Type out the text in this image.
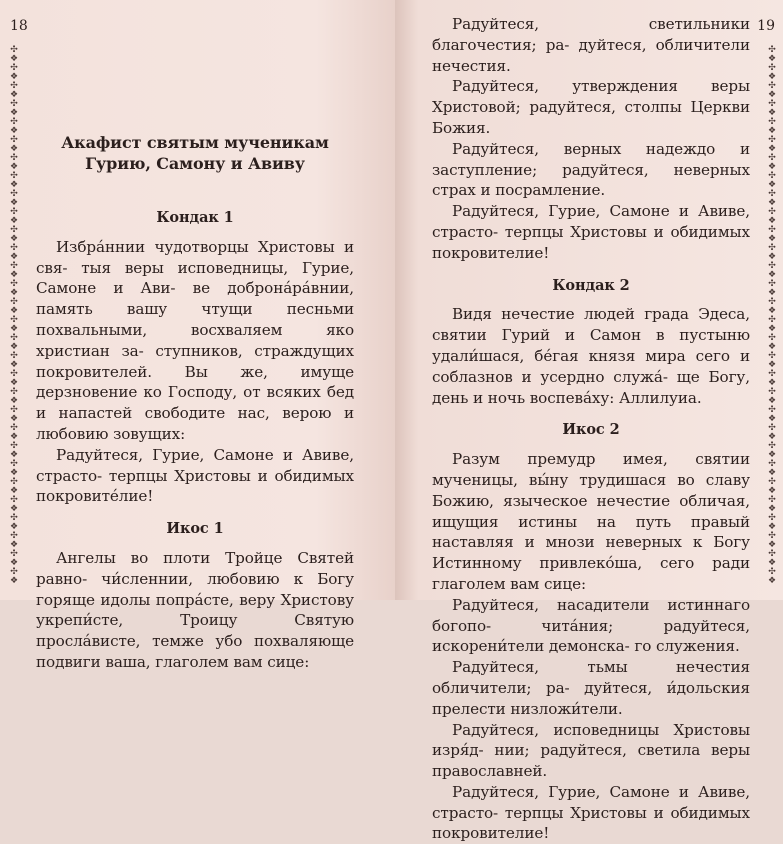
18
✣
❖
✣
❖
✣
❖
✣
❖
✣
❖
✣
❖
✣
❖
✣
❖
✣
❖
✣
❖
✣
❖
✣
❖
✣
❖
✣
❖
✣
❖
✣
❖
✣
❖
✣
❖
✣
❖
✣
❖
✣
❖
✣
❖
✣
❖
✣
❖
✣
❖
✣
❖
✣
❖
✣
❖
✣
❖
✣
❖

Акафист святым мученикам
Гурию, Самону и Авиву

Кондак 1

Избра́ннии чудотворцы Христовы и свя- тыя веры исповедницы, Гурие, Самоне и Ави- ве доброна́ра́внии, память вашу чтущи песньми похвальными, восхваляем яко христиан за- ступников, страждущих покровителей. Вы же, имуще дерзновение ко Господу, от всяких бед и напастей свободите нас, верою и любовию зовущих:

Радуйтеся, Гурие, Самоне и Авиве, страсто- терпцы Христовы и обидимых покровите́лие!

Икос 1

Ангелы во плоти Тройце Святей равно- чи́сленнии, любовию к Богу горяще идолы попра́сте, веру Христову укрепи́сте, Троицу Святую просла́вистe, темже убо похваляюще подвиги ваша, глаголем вам сице:

19
✣
❖
✣
❖
✣
❖
✣
❖
✣
❖
✣
❖
✣
❖
✣
❖
✣
❖
✣
❖
✣
❖
✣
❖
✣
❖
✣
❖
✣
❖
✣
❖
✣
❖
✣
❖
✣
❖
✣
❖
✣
❖
✣
❖
✣
❖
✣
❖
✣
❖
✣
❖
✣
❖
✣
❖
✣
❖
✣
❖

Радуйтеся, светильники благочестия; ра- дуйтеся, обличители нечестия.

Радуйтеся, утверждения веры Христовой; радуйтеся, столпы Церкви Божия.

Радуйтеся, верных надеждо и заступление; радуйтеся, неверных страх и посрамление.

Радуйтеся, Гурие, Самоне и Авиве, страсто- терпцы Христовы и обидимых покровителие!

Кондак 2

Видя нечестие людей града Эдеса, святии Гурий и Самон в пустыню удали́шася, бе́гая князя мира сего и соблазнов и усердно служа́- ще Богу, день и ночь воспева́ху: Аллилуиа.

Икос 2

Разум премудр имея, святии мученицы, вы́ну трудишася во славу Божию, языческое нечестие обличая, ищущия истины на путь правый наставляя и мнози неверных к Богу Истинному привлеко́ша, сего ради глаголем вам сице:

Радуйтеся, насадители истиннаго богопо- чита́ния; радуйтеся, искорени́тели демонска- го служения.

Радуйтеся, тьмы нечестия обличители; ра- дуйтеся, и́дольския прелести низложи́тели.

Радуйтеся, исповедницы Христовы изря́д- нии; радуйтеся, светила веры православней.

Радуйтеся, Гурие, Самоне и Авиве, страсто- терпцы Христовы и обидимых покровителие!
